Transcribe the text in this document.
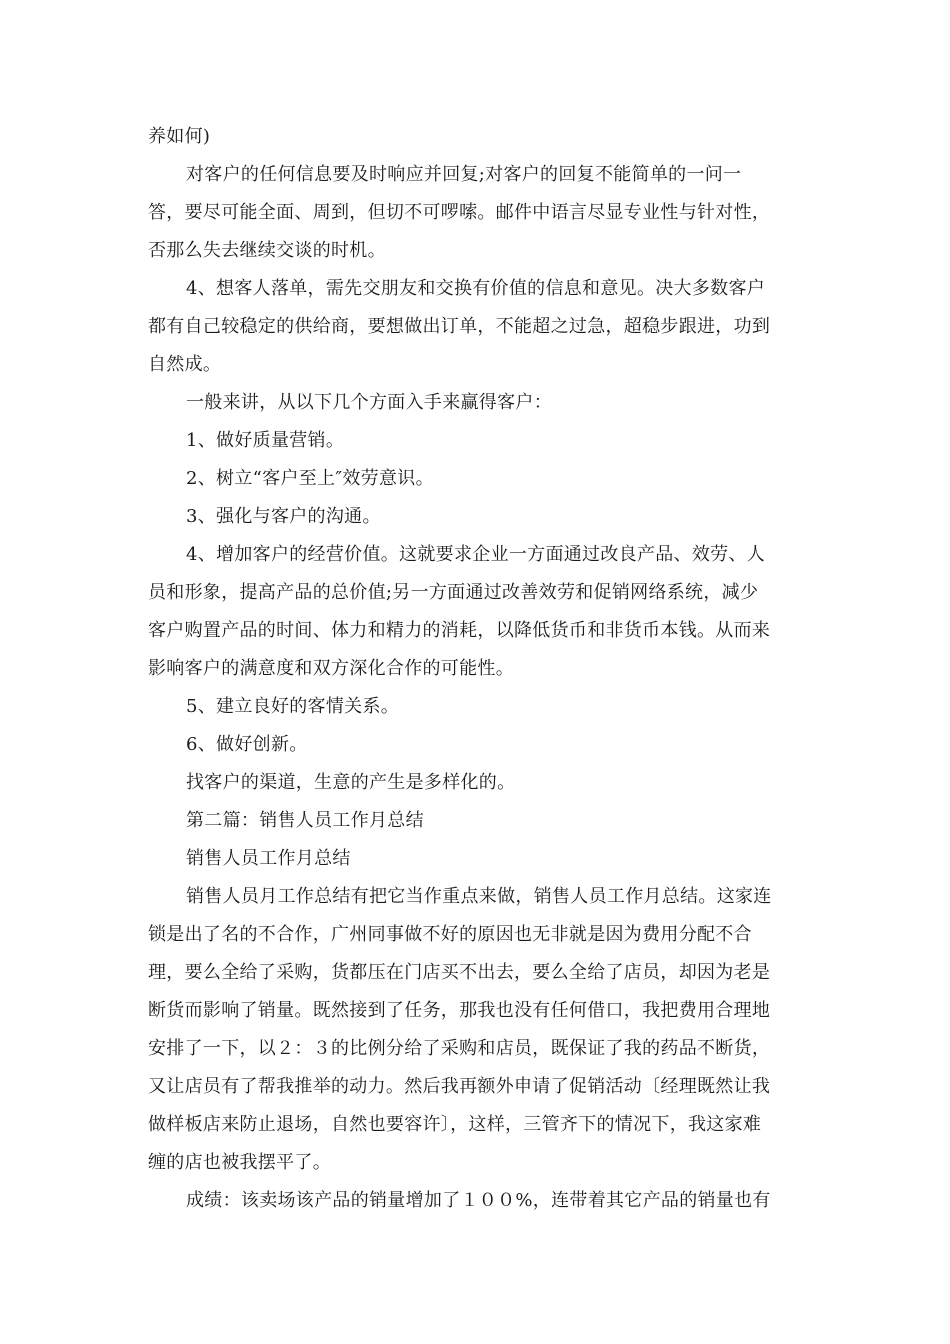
养如何)
对客户的任何信息要及时响应并回复;对客户的回复不能简单的一问一
答，要尽可能全面、周到，但切不可啰嗦。邮件中语言尽显专业性与针对性，
否那么失去继续交谈的时机。
4、想客人落单，需先交朋友和交换有价值的信息和意见。决大多数客户
都有自己较稳定的供给商，要想做出订单，不能超之过急，超稳步跟进，功到
自然成。
一般来讲，从以下几个方面入手来赢得客户：
1、做好质量营销。
2、树立“客户至上″效劳意识。
3、强化与客户的沟通。
4、增加客户的经营价值。这就要求企业一方面通过改良产品、效劳、人
员和形象，提高产品的总价值;另一方面通过改善效劳和促销网络系统，减少
客户购置产品的时间、体力和精力的消耗，以降低货币和非货币本钱。从而来
影响客户的满意度和双方深化合作的可能性。
5、建立良好的客情关系。
6、做好创新。
找客户的渠道，生意的产生是多样化的。
第二篇：销售人员工作月总结
销售人员工作月总结
销售人员月工作总结有把它当作重点来做，销售人员工作月总结。这家连
锁是出了名的不合作，广州同事做不好的原因也无非就是因为费用分配不合
理，要么全给了采购，货都压在门店买不出去，要么全给了店员，却因为老是
断货而影响了销量。既然接到了任务，那我也没有任何借口，我把费用合理地
安排了一下，以２：３的比例分给了采购和店员，既保证了我的药品不断货，
又让店员有了帮我推举的动力。然后我再额外申请了促销活动〔经理既然让我
做样板店来防止退场，自然也要容许〕，这样，三管齐下的情况下，我这家难
缠的店也被我摆平了。
成绩：该卖场该产品的销量增加了１００%，连带着其它产品的销量也有
